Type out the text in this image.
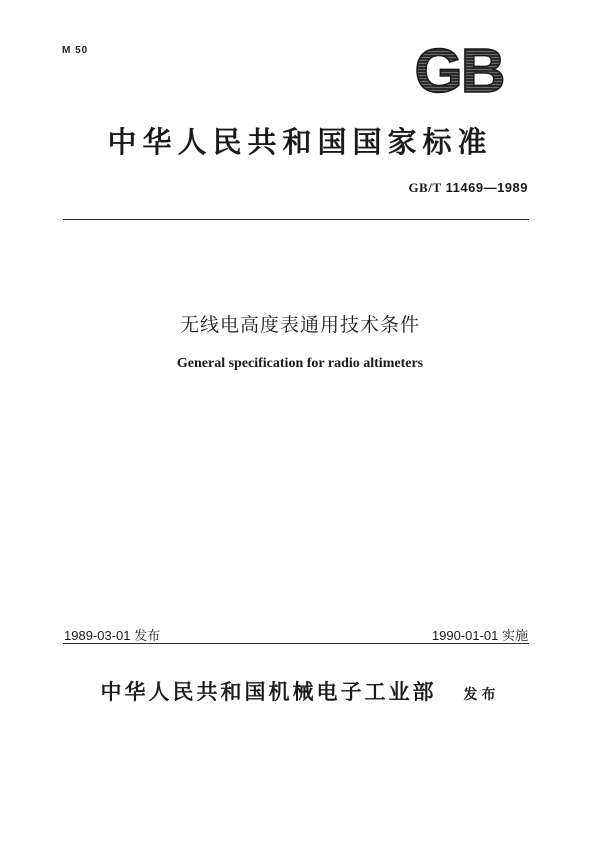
M 50	GB
中华人民共和国国家标准
GB/T 11469—1989
无线电高度表通用技术条件
General specification for radio altimeters
1989-03-01 发布	1990-01-01 实施
中华人民共和国机械电子工业部 发布
